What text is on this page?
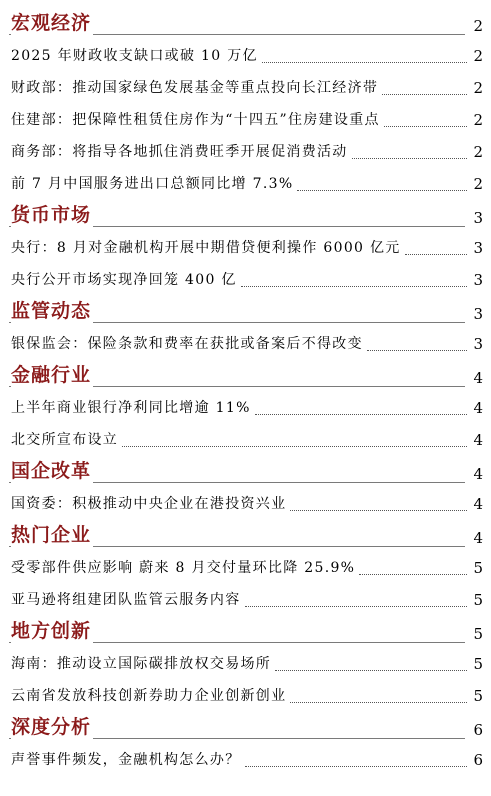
宏观经济	2
2025 年财政收支缺口或破 10 万亿	2
财政部：推动国家绿色发展基金等重点投向长江经济带	2
住建部：把保障性租赁住房作为“十四五”住房建设重点	2
商务部：将指导各地抓住消费旺季开展促消费活动	2
前 7 月中国服务进出口总额同比增 7.3%	2
货币市场	3
央行：8 月对金融机构开展中期借贷便利操作 6000 亿元	3
央行公开市场实现净回笼 400 亿	3
监管动态	3
银保监会：保险条款和费率在获批或备案后不得改变	3
金融行业	4
上半年商业银行净利同比增逾 11%	4
北交所宣布设立	4
国企改革	4
国资委：积极推动中央企业在港投资兴业	4
热门企业	4
受零部件供应影响 蔚来 8 月交付量环比降 25.9%	5
亚马逊将组建团队监管云服务内容	5
地方创新	5
海南：推动设立国际碳排放权交易场所	5
云南省发放科技创新券助力企业创新创业	5
深度分析	6
声誉事件频发，金融机构怎么办？	6
